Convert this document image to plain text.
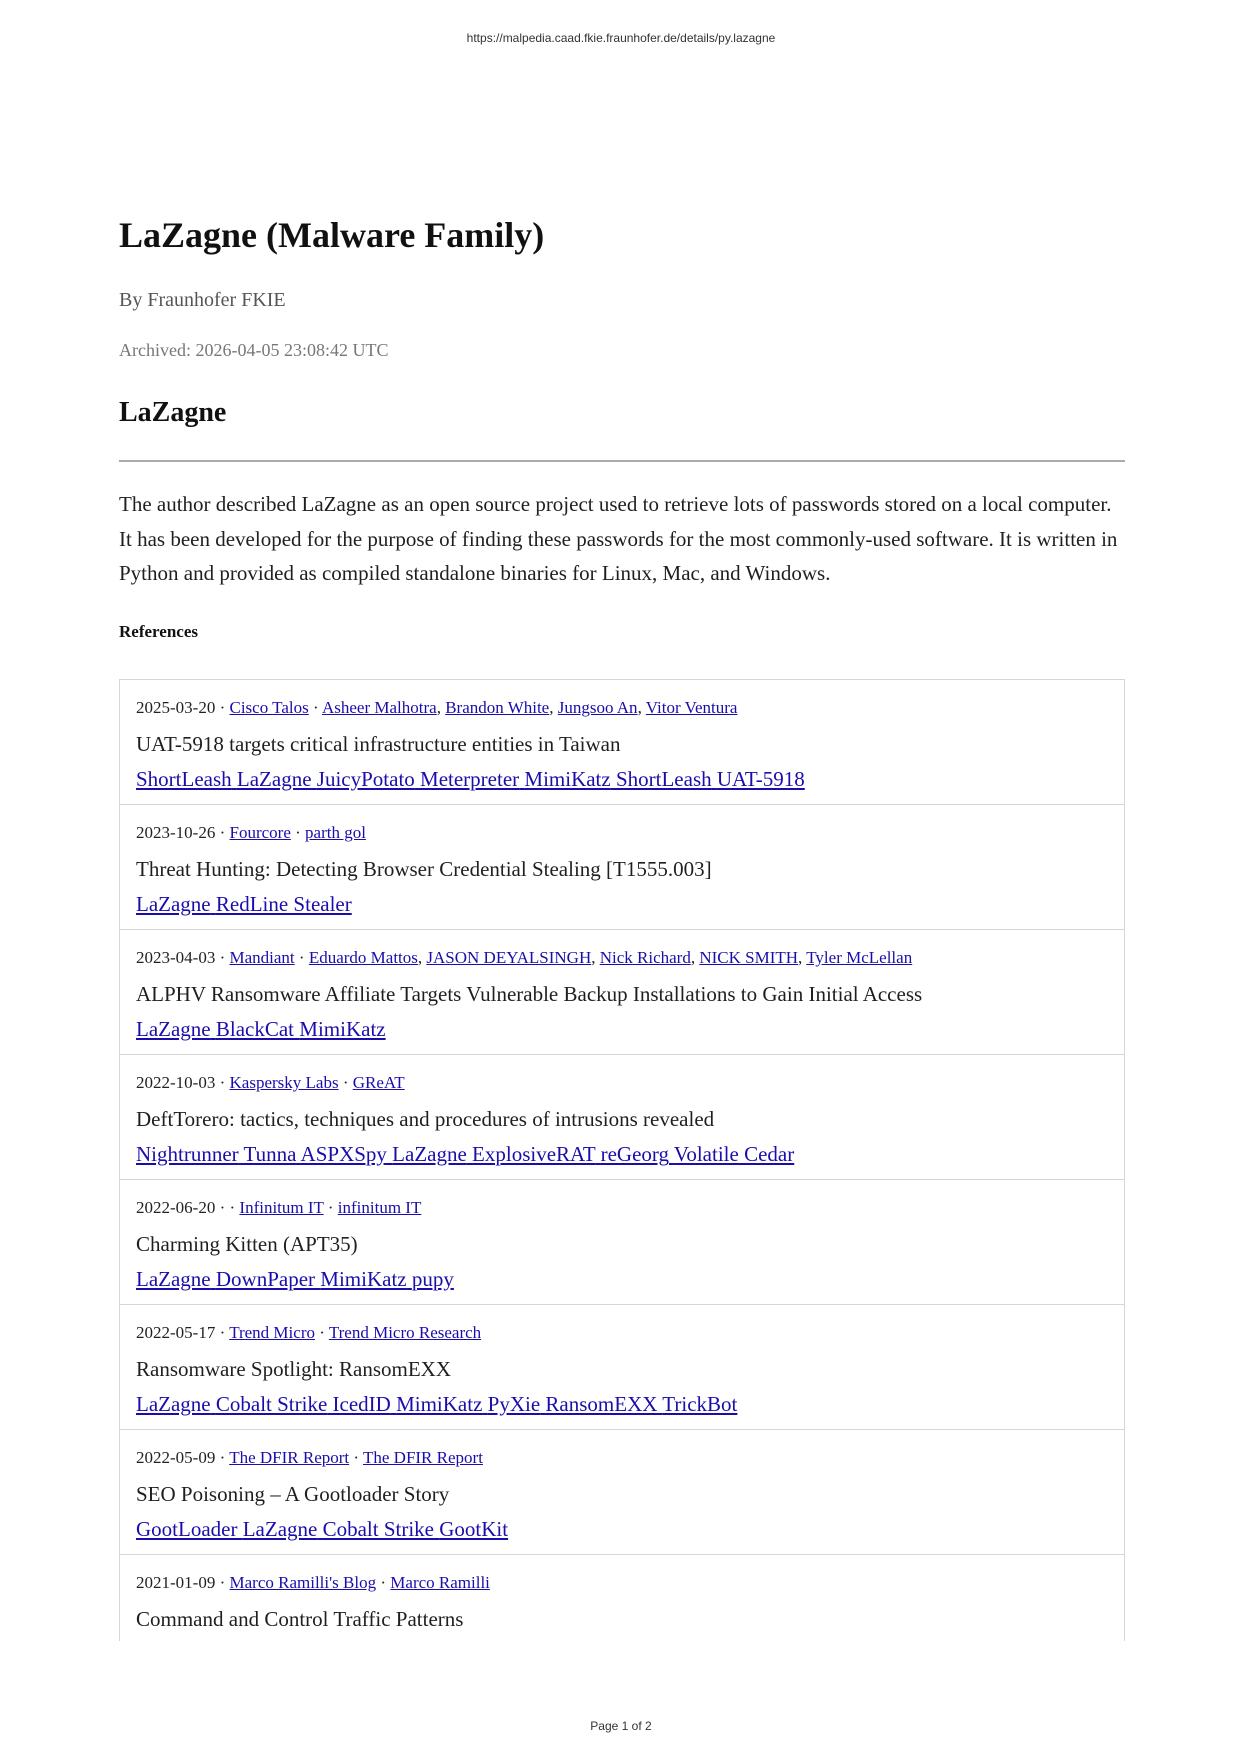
https://malpedia.caad.fkie.fraunhofer.de/details/py.lazagne
LaZagne (Malware Family)
By Fraunhofer FKIE
Archived: 2026-04-05 23:08:42 UTC
LaZagne

The author described LaZagne as an open source project used to retrieve lots of passwords stored on a local computer. It has been developed for the purpose of finding these passwords for the most commonly-used software. It is written in Python and provided as compiled standalone binaries for Linux, Mac, and Windows.

References
2025-03-20 · Cisco Talos · Asheer Malhotra, Brandon White, Jungsoo An, Vitor Ventura
UAT-5918 targets critical infrastructure entities in Taiwan
ShortLeash LaZagne JuicyPotato Meterpreter MimiKatz ShortLeash UAT-5918
2023-10-26 · Fourcore · parth gol
Threat Hunting: Detecting Browser Credential Stealing [T1555.003]
LaZagne RedLine Stealer
2023-04-03 · Mandiant · Eduardo Mattos, JASON DEYALSINGH, Nick Richard, NICK SMITH, Tyler McLellan
ALPHV Ransomware Affiliate Targets Vulnerable Backup Installations to Gain Initial Access
LaZagne BlackCat MimiKatz
2022-10-03 · Kaspersky Labs · GReAT
DeftTorero: tactics, techniques and procedures of intrusions revealed
Nightrunner Tunna ASPXSpy LaZagne ExplosiveRAT reGeorg Volatile Cedar
2022-06-20 · · Infinitum IT · infinitum IT
Charming Kitten (APT35)
LaZagne DownPaper MimiKatz pupy
2022-05-17 · Trend Micro · Trend Micro Research
Ransomware Spotlight: RansomEXX
LaZagne Cobalt Strike IcedID MimiKatz PyXie RansomEXX TrickBot
2022-05-09 · The DFIR Report · The DFIR Report
SEO Poisoning – A Gootloader Story
GootLoader LaZagne Cobalt Strike GootKit
2021-01-09 · Marco Ramilli's Blog · Marco Ramilli
Command and Control Traffic Patterns
Page 1 of 2
